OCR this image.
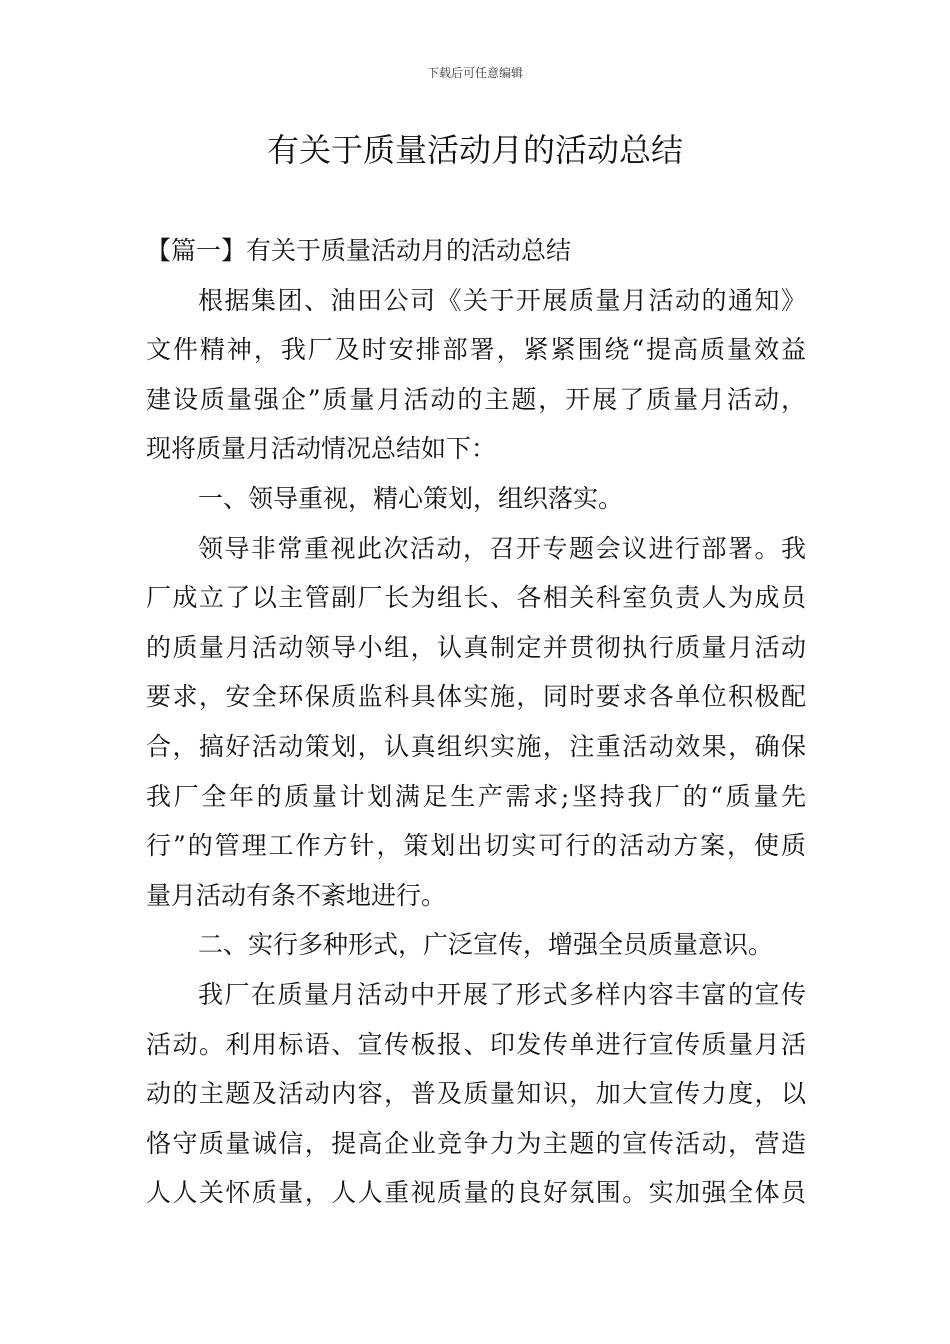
下载后可任意编辑
有关于质量活动月的活动总结
【篇一】有关于质量活动月的活动总结
根据集团、油田公司《关于开展质量月活动的通知》
文件精神，我厂及时安排部署，紧紧围绕“提高质量效益
建设质量强企”质量月活动的主题，开展了质量月活动，
现将质量月活动情况总结如下：
一、领导重视，精心策划，组织落实。
领导非常重视此次活动，召开专题会议进行部署。我
厂成立了以主管副厂长为组长、各相关科室负责人为成员
的质量月活动领导小组，认真制定并贯彻执行质量月活动
要求，安全环保质监科具体实施，同时要求各单位积极配
合，搞好活动策划，认真组织实施，注重活动效果，确保
我厂全年的质量计划满足生产需求;坚持我厂的“质量先
行”的管理工作方针，策划出切实可行的活动方案，使质
量月活动有条不紊地进行。
二、实行多种形式，广泛宣传，增强全员质量意识。
我厂在质量月活动中开展了形式多样内容丰富的宣传
活动。利用标语、宣传板报、印发传单进行宣传质量月活
动的主题及活动内容，普及质量知识，加大宣传力度，以
恪守质量诚信，提高企业竞争力为主题的宣传活动，营造
人人关怀质量，人人重视质量的良好氛围。实加强全体员
